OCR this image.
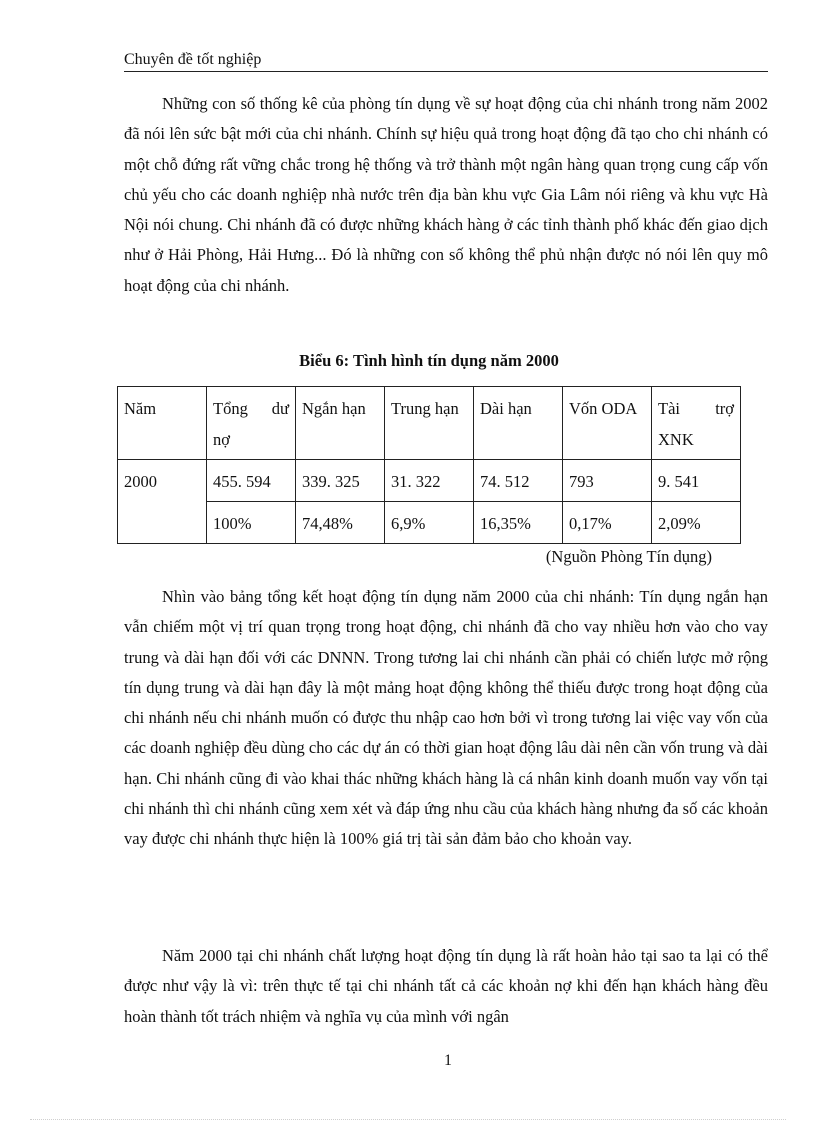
Chuyên đề tốt nghiệp

Những con số thống kê của phòng tín dụng về sự hoạt động của chi nhánh trong năm 2002 đã nói lên sức bật mới của chi nhánh. Chính sự hiệu quả trong hoạt động đã tạo cho chi nhánh có một chỗ đứng rất vững chắc trong hệ thống và trở thành một ngân hàng quan trọng cung cấp vốn chủ yếu cho các doanh nghiệp nhà nước trên địa bàn khu vực Gia Lâm nói riêng và khu vực Hà Nội nói chung. Chi nhánh đã có được những khách hàng ở các tỉnh thành phố khác đến giao dịch như ở Hải Phòng, Hải Hưng... Đó là những con số không thể phủ nhận được nó nói lên quy mô hoạt động của chi nhánh.

Biểu 6: Tình hình tín dụng năm 2000
Năm	Tổng dư nợ	Ngắn hạn	Trung hạn	Dài hạn	Vốn ODA	Tài trợ XNK
2000	455. 594	339. 325	31. 322	74. 512	793	9. 541
	100%	74,48%	6,9%	16,35%	0,17%	2,09%
(Nguồn Phòng Tín dụng)

Nhìn vào bảng tổng kết hoạt động tín dụng năm 2000 của chi nhánh: Tín dụng ngắn hạn vẫn chiếm một vị trí quan trọng trong hoạt động, chi nhánh đã cho vay nhiều hơn vào cho vay trung và dài hạn đối với các DNNN. Trong tương lai chi nhánh cần phải có chiến lược mở rộng tín dụng trung và dài hạn đây là một mảng hoạt động không thể thiếu được trong hoạt động của chi nhánh nếu chi nhánh muốn có được thu nhập cao hơn bởi vì trong tương lai việc vay vốn của các doanh nghiệp đều dùng cho các dự án có thời gian hoạt động lâu dài nên cần vốn trung và dài hạn. Chi nhánh cũng đi vào khai thác những khách hàng là cá nhân kinh doanh muốn vay vốn tại chi nhánh thì chi nhánh cũng xem xét và đáp ứng nhu cầu của khách hàng nhưng đa số các khoản vay được chi nhánh thực hiện là 100% giá trị tài sản đảm bảo cho khoản vay.

Năm 2000 tại chi nhánh chất lượng hoạt động tín dụng là rất hoàn hảo tại sao ta lại có thể được như vậy là vì: trên thực tế tại chi nhánh tất cả các khoản nợ khi đến hạn khách hàng đều hoàn thành tốt trách nhiệm và nghĩa vụ của mình với ngân

1
